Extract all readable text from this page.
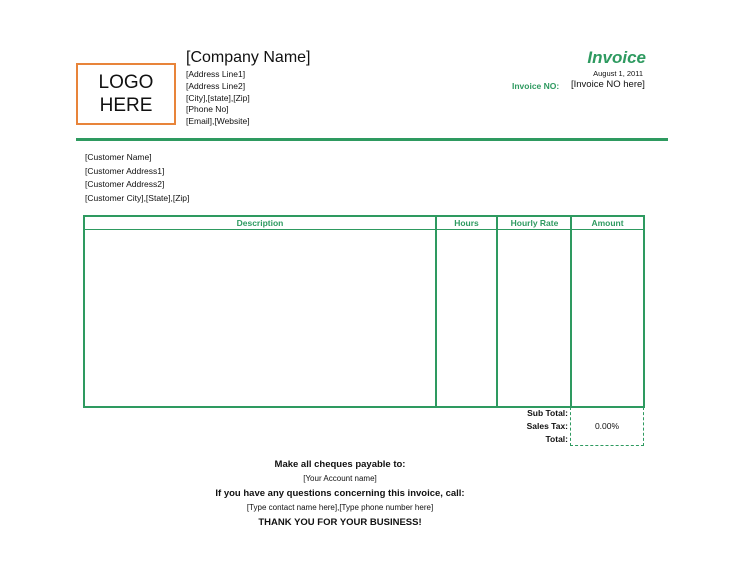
LOGO
HERE
[Company Name]
[Address Line1]
[Address Line2]
[City],[state],[Zip]
[Phone No]
[Email],[Website]
Invoice
August 1, 2011
Invoice NO: [Invoice NO here]
[Customer Name]
[Customer Address1]
[Customer Address2]
[Customer City],[State],[Zip]
Description	Hours	Hourly Rate	Amount
Sub Total:
Sales Tax:	0.00%
Total:
Make all cheques payable to:
[Your Account name]
If you have any questions concerning this invoice, call:
[Type contact name here],[Type phone number here]
THANK YOU FOR YOUR BUSINESS!
